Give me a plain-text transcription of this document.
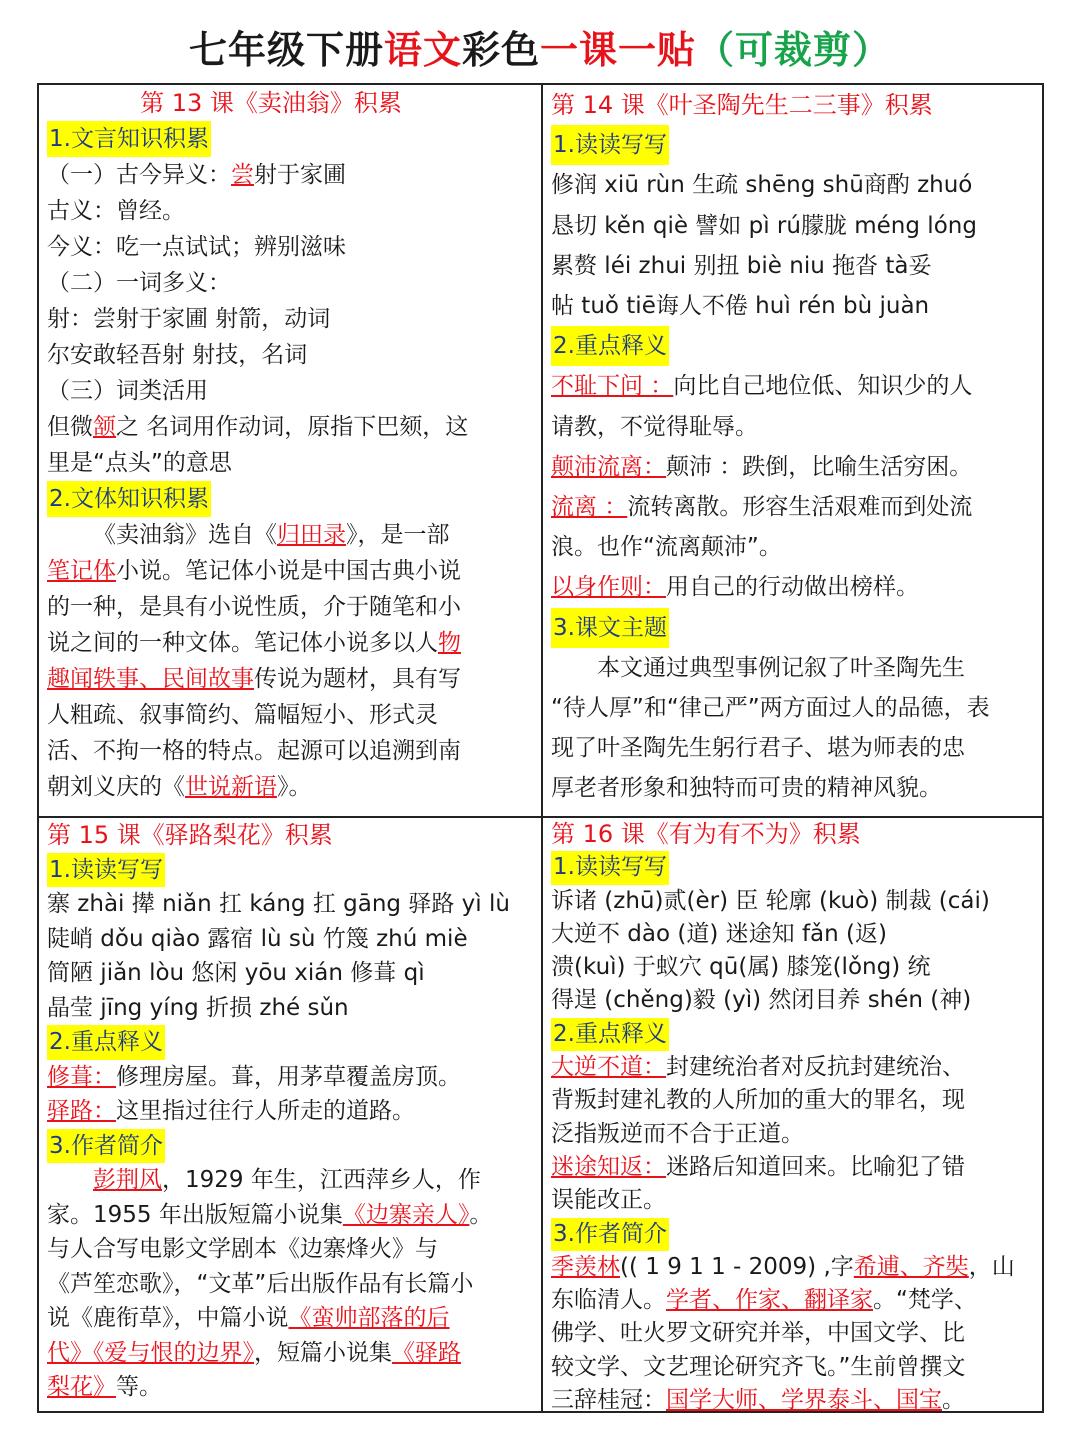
七年级下册语文彩色一课一贴（可裁剪）
第 13 课《卖油翁》积累
1.文言知识积累
（一）古今异义：尝射于家圃
古义：曾经。
今义：吃一点试试；辨别滋味
（二）一词多义：
射：尝射于家圃 射箭，动词
尔安敢轻吾射 射技，名词
（三）词类活用
但微颔之 名词用作动词，原指下巴颏，这
里是“点头”的意思
2.文体知识积累
《卖油翁》选自《归田录》，是一部
笔记体小说。笔记体小说是中国古典小说
的一种，是具有小说性质，介于随笔和小
说之间的一种文体。笔记体小说多以人物
趣闻轶事、民间故事传说为题材，具有写
人粗疏、叙事简约、篇幅短小、形式灵
活、不拘一格的特点。起源可以追溯到南
朝刘义庆的《世说新语》。
第 14 课《叶圣陶先生二三事》积累
1.读读写写
修润 xiū rùn 生疏 shēng shū商酌 zhuó
恳切 kěn qiè 譬如 pì rú朦胧 méng lóng
累赘 léi zhui 别扭 biè niu 拖沓 tà妥
帖 tuǒ tiē诲人不倦 huì rén bù juàn
2.重点释义
不耻下问 ：向比自己地位低、知识少的人
请教，不觉得耻辱。
颠沛流离：颠沛 ：跌倒，比喻生活穷困。
流离 ：流转离散。形容生活艰难而到处流
浪。也作“流离颠沛”。
以身作则：用自己的行动做出榜样。
3.课文主题
本文通过典型事例记叙了叶圣陶先生
“待人厚”和“律己严”两方面过人的品德，表
现了叶圣陶先生躬行君子、堪为师表的忠
厚老者形象和独特而可贵的精神风貌。
第 15 课《驿路梨花》积累
1.读读写写
寨 zhài 撵 niǎn 扛 káng 扛 gāng 驿路 yì lù
陡峭 dǒu qiào 露宿 lù sù 竹篾 zhú miè
简陋 jiǎn lòu 悠闲 yōu xián 修葺 qì
晶莹 jīng yíng 折损 zhé sǔn
2.重点释义
修葺：修理房屋。葺，用茅草覆盖房顶。
驿路：这里指过往行人所走的道路。
3.作者简介
彭荆风，1929 年生，江西萍乡人，作
家。1955 年出版短篇小说集《边寨亲人》。
与人合写电影文学剧本《边寨烽火》与
《芦笙恋歌》，“文革”后出版作品有长篇小
说《鹿衔草》，中篇小说《蛮帅部落的后
代》《爱与恨的边界》，短篇小说集《驿路
梨花》等。
第 16 课《有为有不为》积累
1.读读写写
诉诸 (zhū)贰(èr) 臣 轮廓 (kuò) 制裁 (cái)
大逆不 dào (道) 迷途知 fǎn (返)
溃(kuì) 于蚁穴 qū(属) 膝笼(lǒng) 统
得逞 (chěng)毅 (yì) 然闭目养 shén (神)
2.重点释义
大逆不道：封建统治者对反抗封建统治、
背叛封建礼教的人所加的重大的罪名，现
泛指叛逆而不合于正道。
迷途知返：迷路后知道回来。比喻犯了错
误能改正。
3.作者简介
季羡林(( 1 9 1 1 - 2009) ,字希逋、齐奘，山
东临清人。学者、作家、翻译家。“梵学、
佛学、吐火罗文研究并举，中国文学、比
较文学、文艺理论研究齐飞。”生前曾撰文
三辞桂冠：国学大师、学界泰斗、国宝。
